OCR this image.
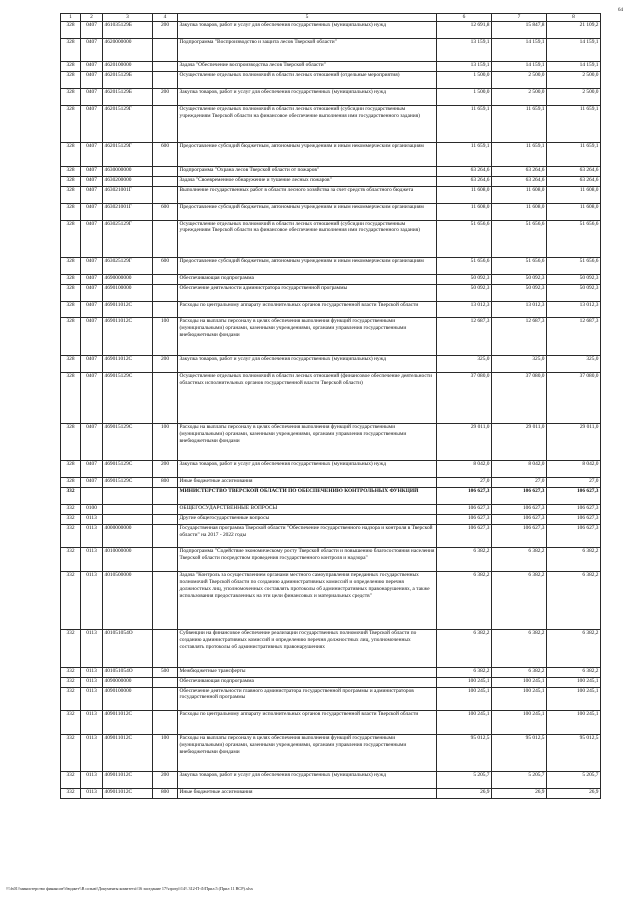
64
1	2	3	4	5	6	7	8
328	0407	461035129Б	200	Закупка товаров, работ и услуг для обеспечения государственных (муниципальных) нужд	12 691,8	15 847,8	21 109,2
328	0407	4620000000		Подпрограмма "Воспроизводство и защита лесов Тверской области"	13 159,1	14 159,1	14 159,1
328	0407	4620100000		Задача "Обеспечение воспроизводства лесов Тверской области"	13 159,1	14 159,1	14 159,1
328	0407	462015129Б		Осуществление отдельных полномочий в области лесных отношений (отдельные мероприятия)	1 500,0	2 500,0	2 500,0
328	0407	462015129Б	200	Закупка товаров, работ и услуг для обеспечения государственных (муниципальных) нужд	1 500,0	2 500,0	2 500,0
328	0407	462015129Г		Осуществление отдельных полномочий в области лесных отношений (субсидии государственным учреждениям Тверской области на финансовое обеспечение выполнения ими государственного задания)	11 659,1	11 659,1	11 659,1
328	0407	462015129Г	600	Предоставление субсидий бюджетным, автономным учреждениям и иным некоммерческим организациям	11 659,1	11 659,1	11 659,1
328	0407	4630000000		Подпрограмма "Охрана лесов Тверской области от пожаров"	63 264,6	63 264,6	63 264,6
328	0407	4630200000		Задача "Своевременное обнаружение и тушение лесных пожаров"	63 264,6	63 264,6	63 264,6
328	0407	463021001Г		Выполнение государственных работ в области лесного хозяйства за счет средств областного бюджета	11 608,0	11 608,0	11 608,0
328	0407	463021001Г	600	Предоставление субсидий бюджетным, автономным учреждениям и иным некоммерческим организациям	11 608,0	11 608,0	11 608,0
328	0407	463025129Г		Осуществление отдельных полномочий в области лесных отношений (субсидии государственным учреждениям Тверской области на финансовое обеспечение выполнения ими государственного задания)	51 656,6	51 656,6	51 656,6
328	0407	463025129Г	600	Предоставление субсидий бюджетным, автономным учреждениям и иным некоммерческим организациям	51 656,6	51 656,6	51 656,6
328	0407	4690000000		Обеспечивающая подпрограмма	50 092,3	50 092,3	50 092,3
328	0407	4690100000		Обеспечение деятельности администратора государственной программы	50 092,3	50 092,3	50 092,3
328	0407	469011012С		Расходы по центральному аппарату исполнительных органов государственной власти Тверской области	13 012,3	13 012,3	13 012,3
328	0407	469011012С	100	Расходы на выплаты персоналу в целях обеспечения выполнения функций государственными (муниципальными) органами, казенными учреждениями, органами управления государственными внебюджетными фондами	12 687,3	12 687,3	12 687,3
328	0407	469011012С	200	Закупка товаров, работ и услуг для обеспечения государственных (муниципальных) нужд	325,0	325,0	325,0
328	0407	469015129С		Осуществление отдельных полномочий в области лесных отношений (финансовое обеспечение деятельности областных исполнительных органов государственной власти Тверской области)	37 080,0	37 080,0	37 080,0
328	0407	469015129С	100	Расходы на выплаты персоналу в целях обеспечения выполнения функций государственными (муниципальными) органами, казенными учреждениями, органами управления государственными внебюджетными фондами	29 011,0	29 011,0	29 011,0
328	0407	469015129С	200	Закупка товаров, работ и услуг для обеспечения государственных (муниципальных) нужд	8 042,0	8 042,0	8 042,0
328	0407	469015129С	800	Иные бюджетные ассигнования	27,0	27,0	27,0
332				МИНИСТЕРСТВО ТВЕРСКОЙ ОБЛАСТИ ПО ОБЕСПЕЧЕНИЮ КОНТРОЛЬНЫХ ФУНКЦИЙ	106 627,3	106 627,3	106 627,3
332	0100			ОБЩЕГОСУДАРСТВЕННЫЕ ВОПРОСЫ	106 627,3	106 627,3	106 627,3
332	0113			Другие общегосударственные вопросы	106 627,3	106 627,3	106 627,3
332	0113	4000000000		Государственная программа Тверской области "Обеспечение государственного надзора и контроля в Тверской области" на 2017 - 2022 годы	106 627,3	106 627,3	106 627,3
332	0113	4010000000		Подпрограмма "Содействие экономическому росту Тверской области и повышению благосостояния населения Тверской области посредством проведения государственного контроля и надзора"	6 382,2	6 382,2	6 382,2
332	0113	4010500000		Задача "Контроль за осуществлением органами местного самоуправления переданных государственных полномочий Тверской области по созданию административных комиссий и определению перечня должностных лиц, уполномоченных составлять протоколы об административных правонарушениях, а также использования предоставленных на эти цели финансовых и материальных средств"	6 382,2	6 382,2	6 382,2
332	0113	401051054О		Субвенции на финансовое обеспечение реализации государственных полномочий Тверской области по созданию административных комиссий и определению перечня должностных лиц, уполномоченных составлять протоколы об административных правонарушениях	6 382,2	6 382,2	6 382,2
332	0113	401051054О	500	Межбюджетные трансферты	6 382,2	6 382,2	6 382,2
332	0113	4090000000		Обеспечивающая подпрограмма	100 245,1	100 245,1	100 245,1
332	0113	4090100000		Обеспечение деятельности главного администратора государственной программы и администраторов государственной программы	100 245,1	100 245,1	100 245,1
332	0113	409011012С		Расходы по центральному аппарату исполнительных органов государственной власти Тверской области	100 245,1	100 245,1	100 245,1
332	0113	409011012С	100	Расходы на выплаты персоналу в целях обеспечения выполнения функций государственными (муниципальными) органами, казенными учреждениями, органами управления государственными внебюджетными фондами	95 012,5	95 012,5	95 012,5
332	0113	409011012С	200	Закупка товаров, работ и услуг для обеспечения государственных (муниципальных) нужд	5 205,7	5 205,7	5 205,7
332	0113	409011012С	800	Иные бюджетные ассигнования	26,9	26,9	26,9
\\\\fs01\\министерство финансов\\бюджет\\В созыв\\Документы комитета\\16 заседание 17\\прогр\\14\\ 312-П-4\\Прил.5 (Прил 11 ВСР).xlsx
